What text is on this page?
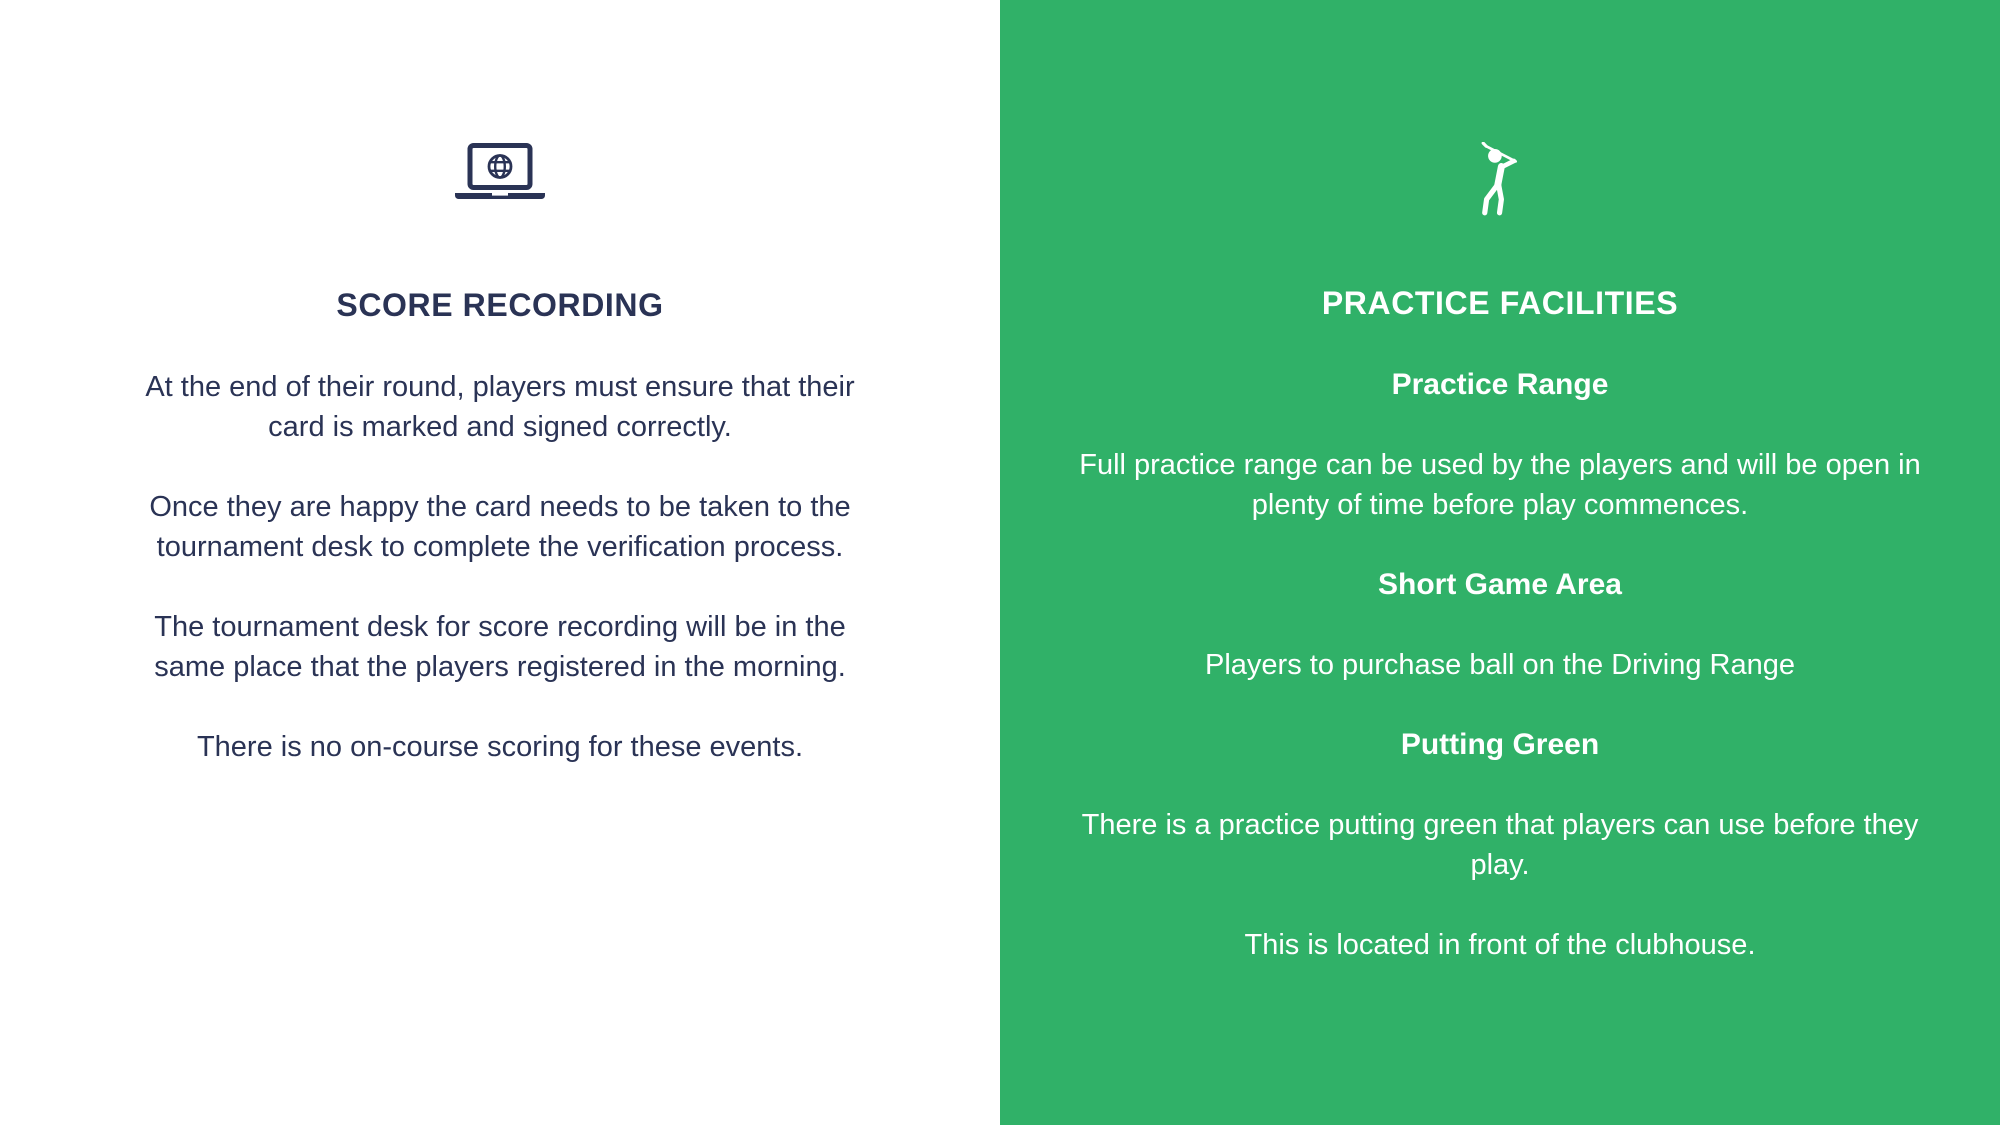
SCORE RECORDING

At the end of their round, players must ensure that their card is marked and signed correctly.

Once they are happy the card needs to be taken to the tournament desk to complete the verification process.

The tournament desk for score recording will be in the same place that the players registered in the morning.

There is no on-course scoring for these events.

PRACTICE FACILITIES
Practice Range

Full practice range can be used by the players and will be open in plenty of time before play commences.

Short Game Area

Players to purchase ball on the Driving Range

Putting Green

There is a practice putting green that players can use before they play.

This is located in front of the clubhouse.
